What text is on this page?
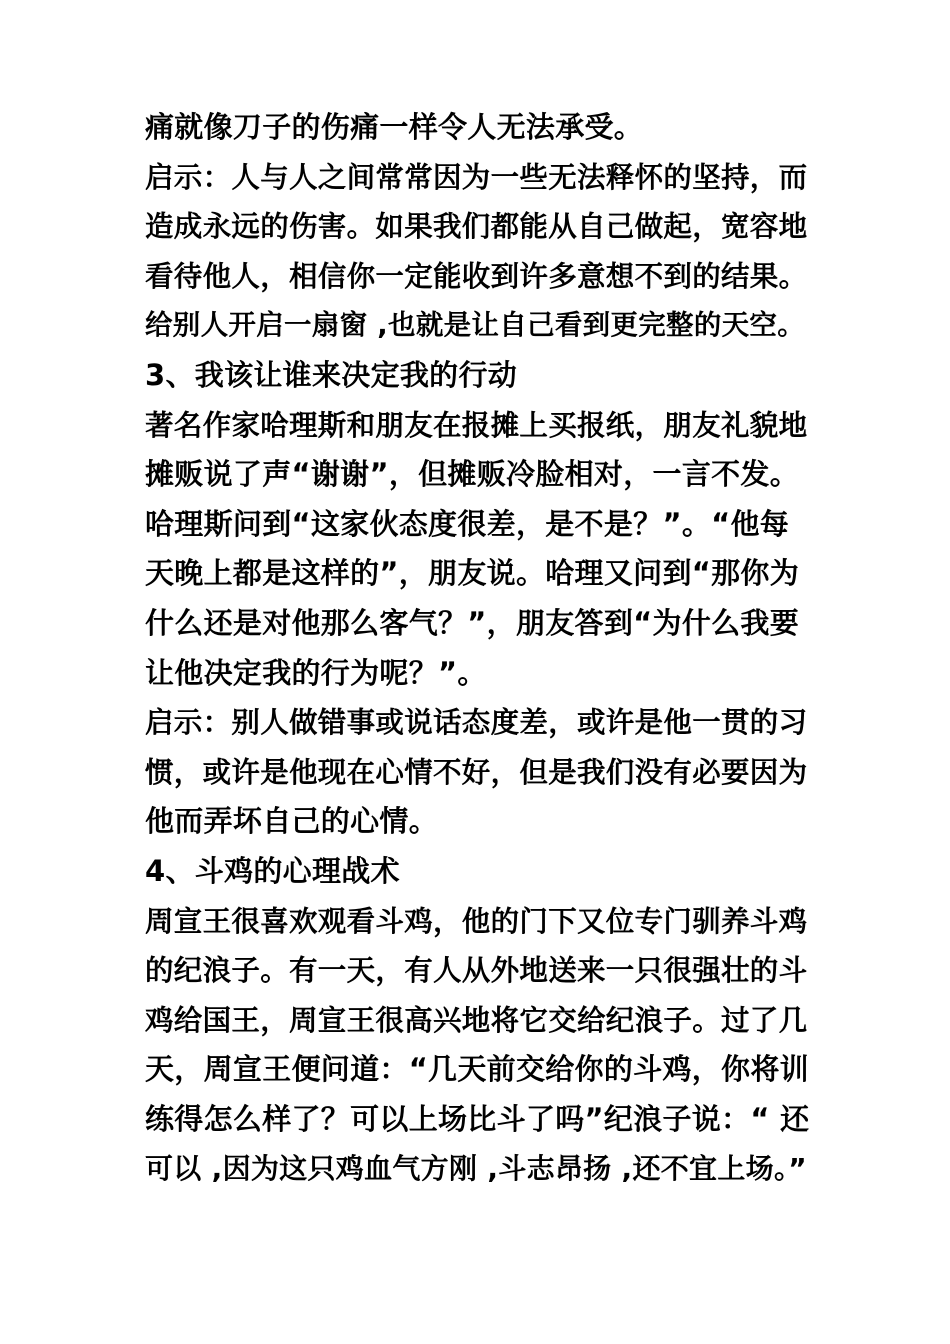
痛就像刀子的伤痛一样令人无法承受。
启示：人与人之间常常因为一些无法释怀的坚持，而
造成永远的伤害。如果我们都能从自己做起，宽容地
看待他人，相信你一定能收到许多意想不到的结果。
给别人开启一扇窗 ,也就是让自己看到更完整的天空。
3、我该让谁来决定我的行动
著名作家哈理斯和朋友在报摊上买报纸，朋友礼貌地
摊贩说了声“谢谢”，但摊贩冷脸相对，一言不发。
哈理斯问到“这家伙态度很差，是不是？”。“他每
天晚上都是这样的”，朋友说。哈理又问到“那你为
什么还是对他那么客气？”，朋友答到“为什么我要
让他决定我的行为呢？”。
启示：别人做错事或说话态度差，或许是他一贯的习
惯，或许是他现在心情不好，但是我们没有必要因为
他而弄坏自己的心情。
4、斗鸡的心理战术
周宣王很喜欢观看斗鸡，他的门下又位专门驯养斗鸡
的纪浪子。有一天，有人从外地送来一只很强壮的斗
鸡给国王，周宣王很高兴地将它交给纪浪子。过了几
天，周宣王便问道：“几天前交给你的斗鸡，你将训
练得怎么样了？可以上场比斗了吗”纪浪子说：“ 还
可以 ,因为这只鸡血气方刚 ,斗志昂扬 ,还不宜上场。”
